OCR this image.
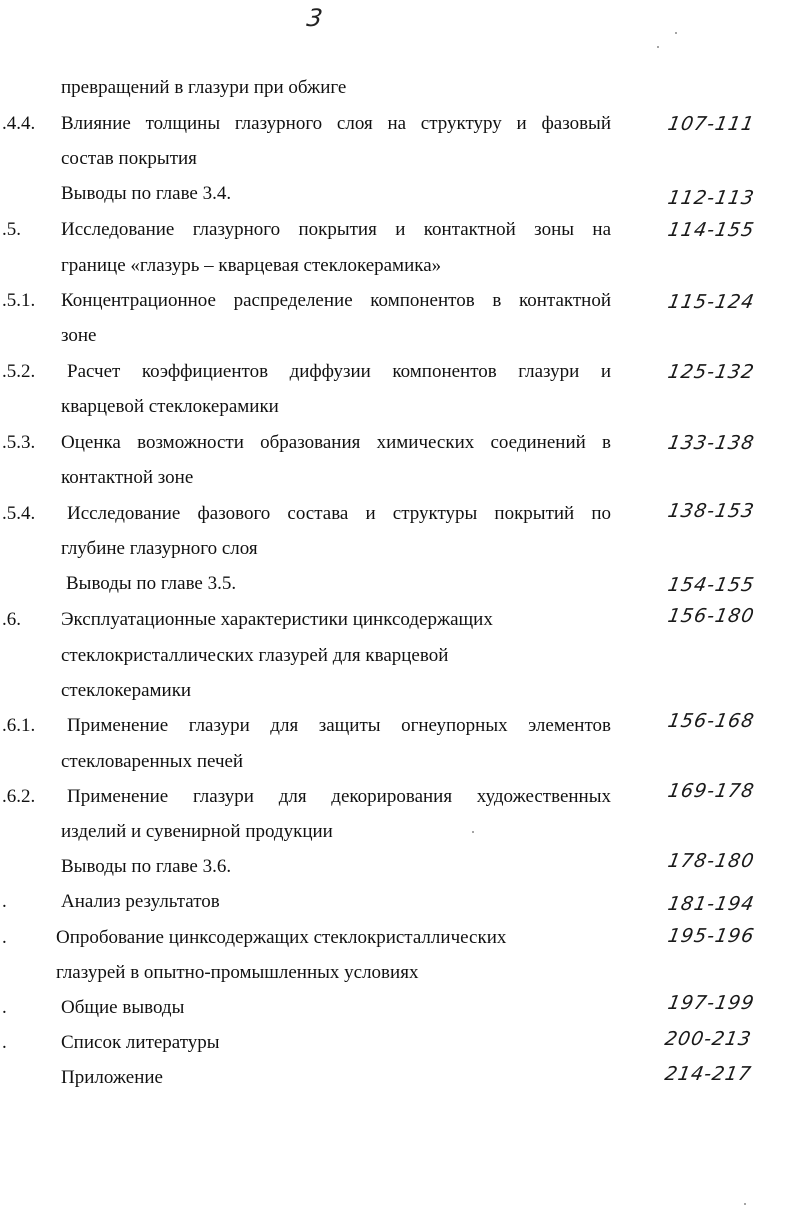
3
превращений в глазури при обжиге
.4.4. Влияние толщины глазурного слоя на структуру и фазовый
состав покрытия
107-111
Выводы по главе 3.4.	112-113
.5. Исследование глазурного покрытия и контактной зоны на
границе «глазурь – кварцевая стеклокерамика»
114-155
.5.1. Концентрационное распределение компонентов в контактной
зоне
115-124
.5.2. Расчет коэффициентов диффузии компонентов глазури и
кварцевой стеклокерамики
125-132
.5.3. Оценка возможности образования химических соединений в
контактной зоне
133-138
.5.4. Исследование фазового состава и структуры покрытий по
глубине глазурного слоя
138-153
Выводы по главе 3.5.	154-155
.6. Эксплуатационные характеристики цинксодержащих
стеклокристаллических глазурей для кварцевой
стеклокерамики
156-180
.6.1. Применение глазури для защиты огнеупорных элементов
стекловаренных печей
156-168
.6.2. Применение глазури для декорирования художественных
изделий и сувенирной продукции
169-178
Выводы по главе 3.6.	178-180
.	Анализ результатов	181-194
.	Опробование цинксодержащих стеклокристаллических
глазурей в опытно-промышленных условиях
195-196
.	Общие выводы	197-199
.	Список литературы	200-213
Приложение	214-217
